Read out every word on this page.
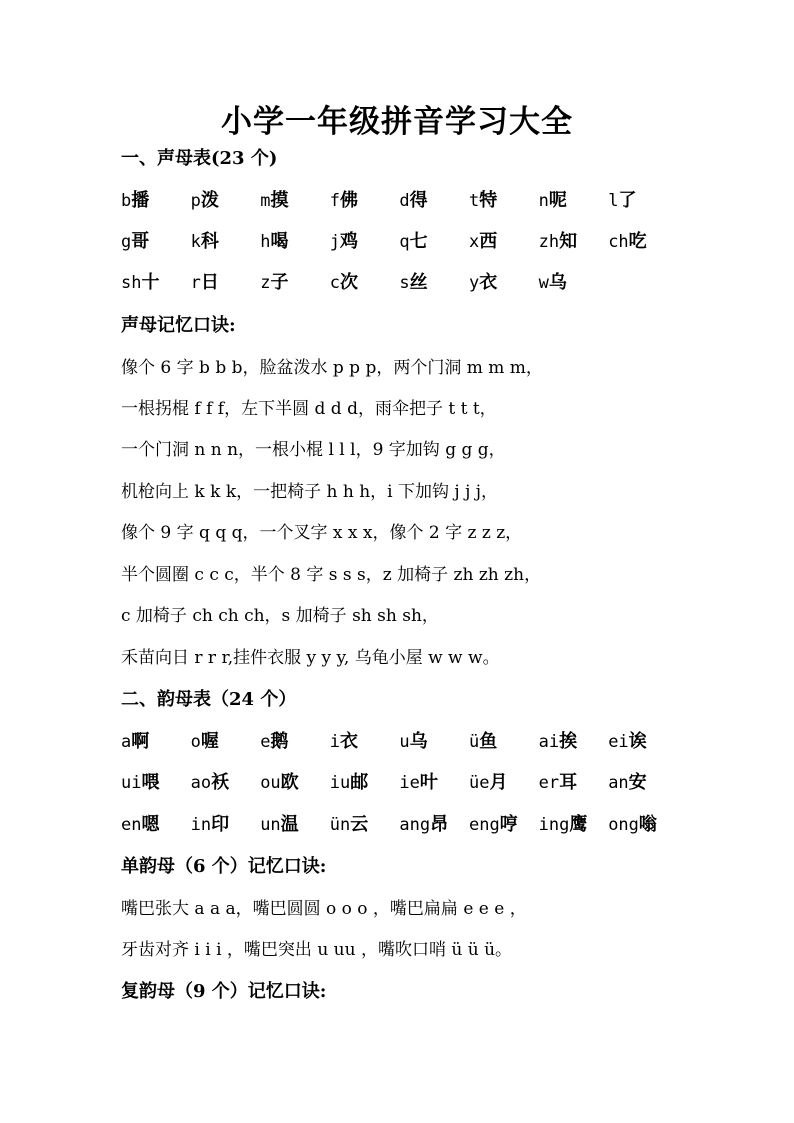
小学一年级拼音学习大全
一、声母表(23 个)
b播 p泼 m摸 f佛 d得 t特 n呢 l了
g哥 k科 h喝 j鸡 q七 x西 zh知 ch吃
sh十 r日 z子 c次 s丝 y衣 w乌
声母记忆口诀:
像个 6 字 b b b，脸盆泼水 p p p，两个门洞 m m m，
一根拐棍 f f f，左下半圆 d d d，雨伞把子 t t t，
一个门洞 n n n，一根小棍 l l l，9 字加钩 g g g，
机枪向上 k k k，一把椅子 h h h，i 下加钩 j j j，
像个 9 字 q q q，一个叉字 x x x，像个 2 字 z z z，
半个圆圈 c c c，半个 8 字 s s s，z 加椅子 zh zh zh，
c 加椅子 ch ch ch，s 加椅子 sh sh sh，
禾苗向日 r r r,挂件衣服 y y y, 乌龟小屋 w w w。
二、韵母表（24 个）
a啊 o喔 e鹅 i衣 u乌 ü鱼 ai挨 ei诶
ui喂 ao袄 ou欧 iu邮 ie叶 üe月 er耳 an安
en嗯 in印 un温 ün云 ang昂 eng哼 ing鹰 ong嗡
单韵母（6 个）记忆口诀:
嘴巴张大 a a a，嘴巴圆圆 o o o ，嘴巴扁扁 e e e ，
牙齿对齐 i i i ，嘴巴突出 u uu ，嘴吹口哨 ü ü ü。
复韵母（9 个）记忆口诀:
